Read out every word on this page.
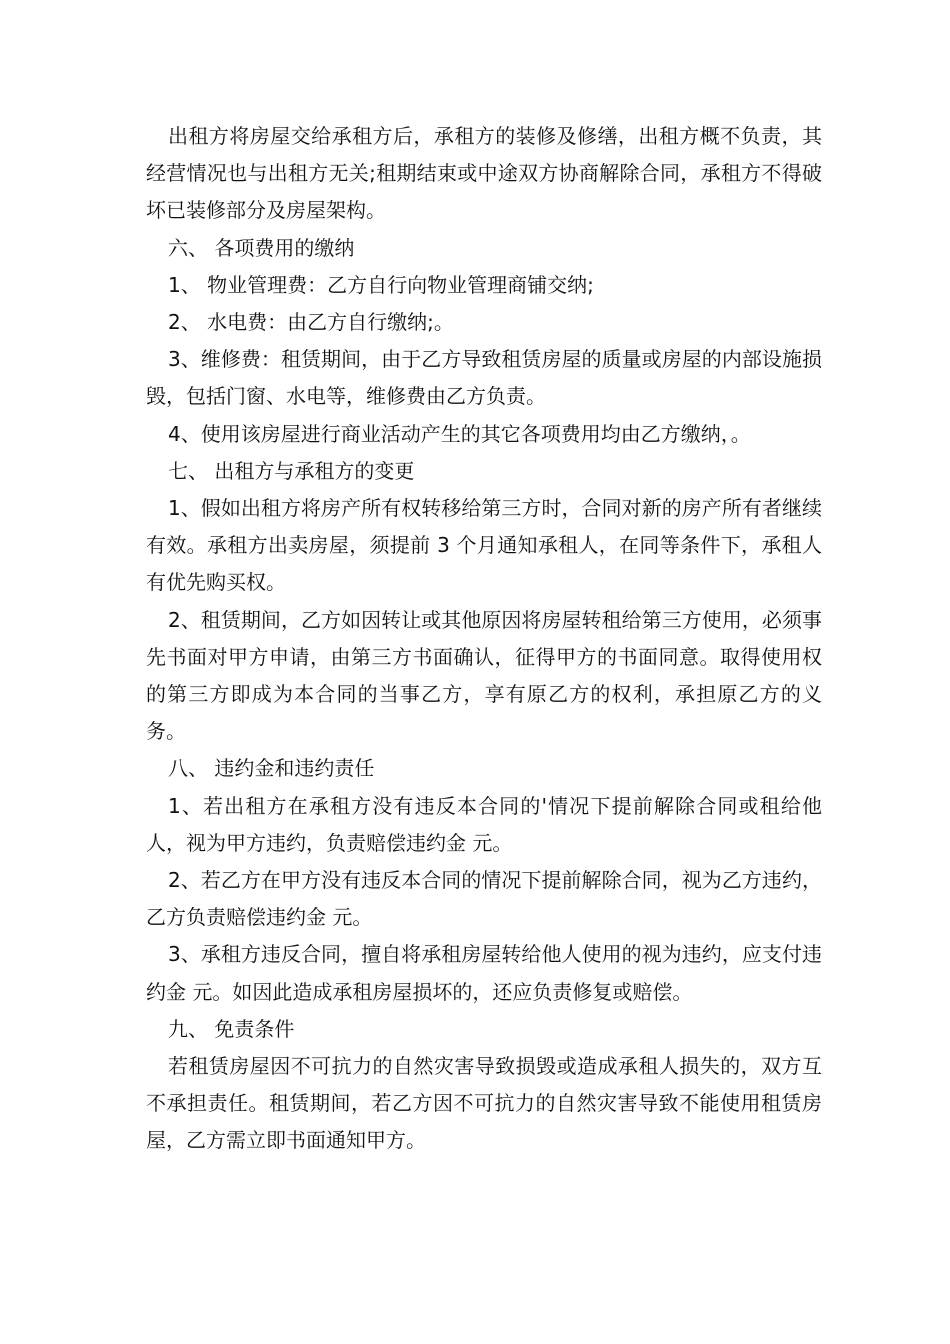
出租方将房屋交给承租方后，承租方的装修及修缮，出租方概不负责，其经营情况也与出租方无关;租期结束或中途双方协商解除合同，承租方不得破坏已装修部分及房屋架构。

六、 各项费用的缴纳

1、 物业管理费：乙方自行向物业管理商铺交纳;

2、 水电费：由乙方自行缴纳;。

3、维修费：租赁期间，由于乙方导致租赁房屋的质量或房屋的内部设施损毁，包括门窗、水电等，维修费由乙方负责。

4、使用该房屋进行商业活动产生的其它各项费用均由乙方缴纳，。

七、 出租方与承租方的变更

1、假如出租方将房产所有权转移给第三方时，合同对新的房产所有者继续有效。承租方出卖房屋，须提前 3 个月通知承租人，在同等条件下，承租人有优先购买权。

2、租赁期间，乙方如因转让或其他原因将房屋转租给第三方使用，必须事先书面对甲方申请，由第三方书面确认，征得甲方的书面同意。取得使用权的第三方即成为本合同的当事乙方，享有原乙方的权利，承担原乙方的义务。

八、 违约金和违约责任

1、若出租方在承租方没有违反本合同的'情况下提前解除合同或租给他人，视为甲方违约，负责赔偿违约金 元。

2、若乙方在甲方没有违反本合同的情况下提前解除合同，视为乙方违约，乙方负责赔偿违约金 元。

3、承租方违反合同，擅自将承租房屋转给他人使用的视为违约，应支付违约金 元。如因此造成承租房屋损坏的，还应负责修复或赔偿。

九、 免责条件

若租赁房屋因不可抗力的自然灾害导致损毁或造成承租人损失的，双方互不承担责任。租赁期间，若乙方因不可抗力的自然灾害导致不能使用租赁房屋，乙方需立即书面通知甲方。
